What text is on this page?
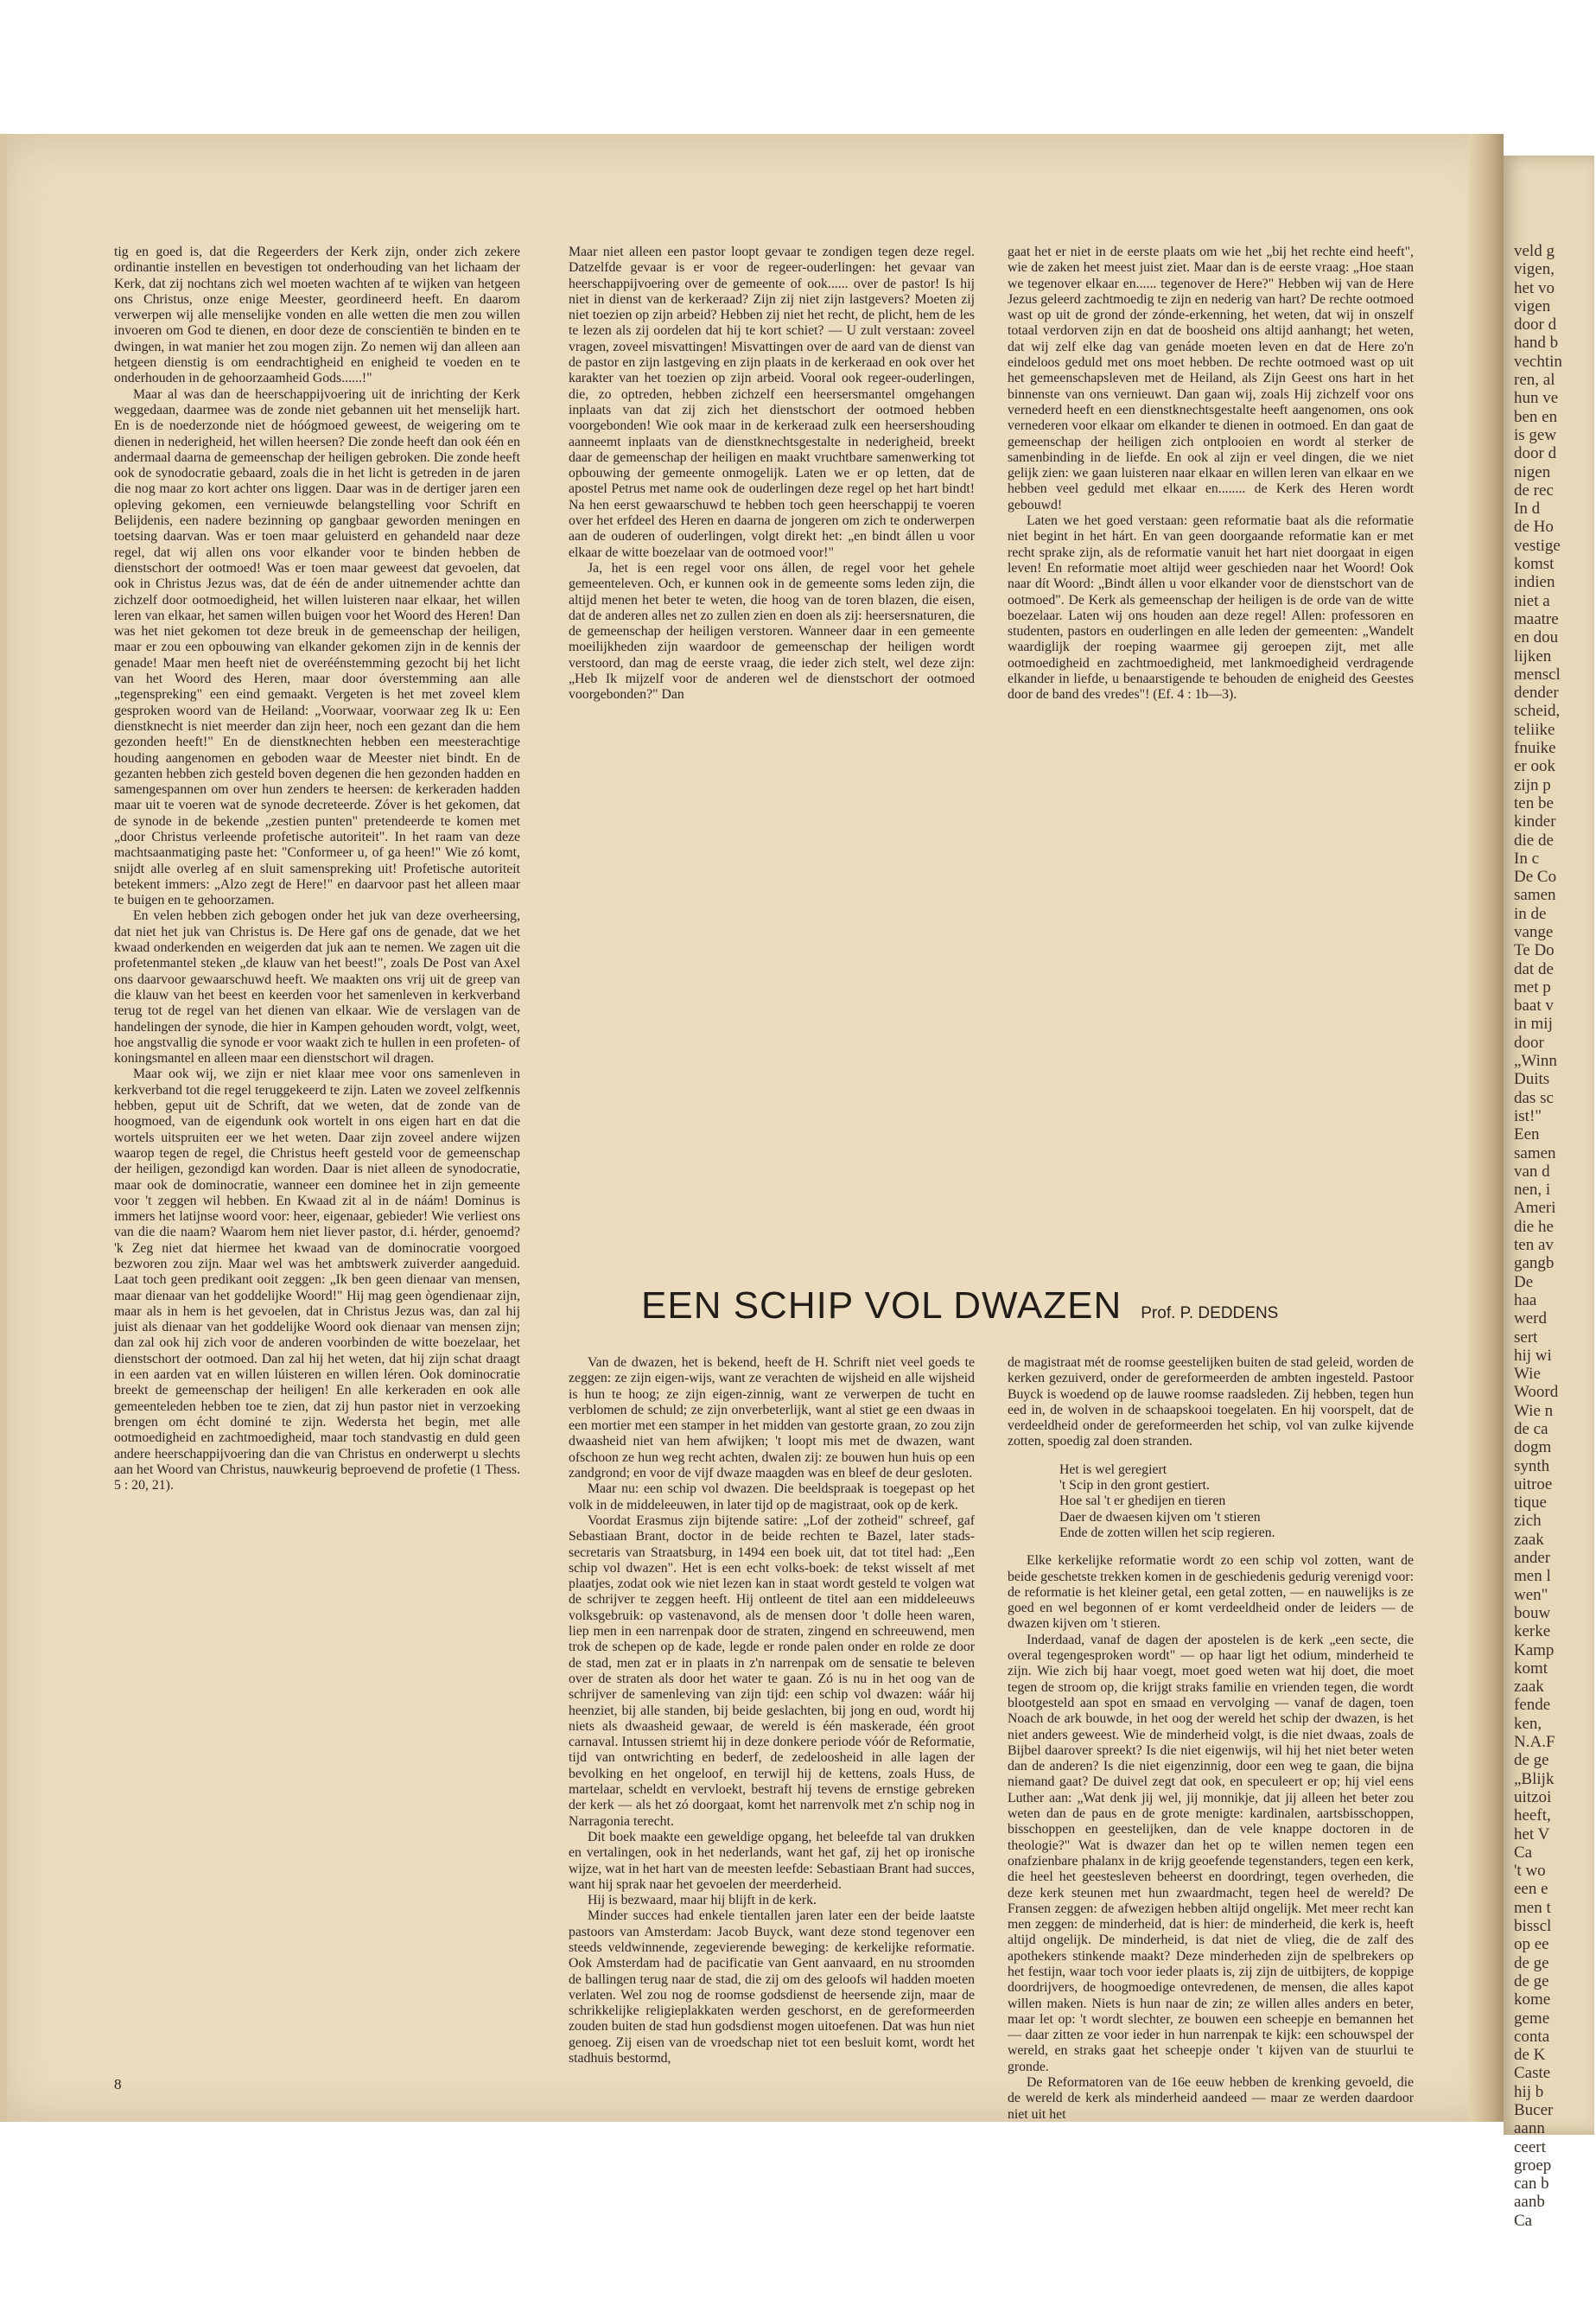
veld g
vigen,
het vo
vigen
door d
hand b
vechtin
ren, al
hun ve
ben en
is gew
door d
nigen
de rec
In d
de Ho
vestige
komst
indien
niet a
maatre
en dou
lijken
menscl
dender
scheid,
teliike
fnuike
er ook
zijn p
ten be
kinder
die de
In c
De Co
samen
in de
vange
Te Do
dat de
met p
baat v
in mij
door
„Winn
Duits
das sc
ist!"
Een
samen
van d
nen, i
Ameri
die he
ten av
gangb
De
haa
werd
sert
hij wi
Wie
Woord
Wie n
de ca
dogm
synth
uitroe
tique
zich
zaak
ander
men l
wen"
bouw
kerke
Kamp
komt
zaak
fende
ken,
N.A.F
de ge
„Blijk
uitzoi
heeft,
het V
Ca
't wo
een e
men t
bisscl
op ee
de ge
de ge
kome
geme
conta
de K
Caste
hij b
Bucer
aann
ceert
groep
can b
aanb
Ca

tig en goed is, dat die Regeerders der Kerk zijn, onder zich zekere ordinantie instellen en bevestigen tot onderhouding van het lichaam der Kerk, dat zij nochtans zich wel moeten wachten af te wijken van hetgeen ons Christus, onze enige Meester, geordineerd heeft. En daarom verwerpen wij alle menselijke vonden en alle wetten die men zou willen invoeren om God te dienen, en door deze de conscientiën te binden en te dwingen, in wat manier het zou mogen zijn. Zo nemen wij dan alleen aan hetgeen dienstig is om eendrachtigheid en enigheid te voeden en te onderhouden in de gehoorzaamheid Gods......!"

Maar al was dan de heerschappijvoering uit de inrichting der Kerk weggedaan, daarmee was de zonde niet gebannen uit het menselijk hart. En is de noederzonde niet de hóógmoed geweest, de weigering om te dienen in nederigheid, het willen heersen? Die zonde heeft dan ook één en andermaal daarna de gemeenschap der heiligen gebroken. Die zonde heeft ook de synodocratie gebaard, zoals die in het licht is getreden in de jaren die nog maar zo kort achter ons liggen. Daar was in de dertiger jaren een opleving gekomen, een vernieuwde belangstelling voor Schrift en Belijdenis, een nadere bezinning op gangbaar geworden meningen en toetsing daarvan. Was er toen maar geluisterd en gehandeld naar deze regel, dat wij allen ons voor elkander voor te binden hebben de dienstschort der ootmoed! Was er toen maar geweest dat gevoelen, dat ook in Christus Jezus was, dat de één de ander uitnemender achtte dan zichzelf door ootmoedigheid, het willen luisteren naar elkaar, het willen leren van elkaar, het samen willen buigen voor het Woord des Heren! Dan was het niet gekomen tot deze breuk in de gemeenschap der heiligen, maar er zou een opbouwing van elkander gekomen zijn in de kennis der genade! Maar men heeft niet de overéénstemming gezocht bij het licht van het Woord des Heren, maar door óverstemming aan alle „tegenspreking" een eind gemaakt. Vergeten is het met zoveel klem gesproken woord van de Heiland: „Voorwaar, voorwaar zeg Ik u: Een dienstknecht is niet meerder dan zijn heer, noch een gezant dan die hem gezonden heeft!" En de dienstknechten hebben een meesterachtige houding aangenomen en geboden waar de Meester niet bindt. En de gezanten hebben zich gesteld boven degenen die hen gezonden hadden en samengespannen om over hun zenders te heersen: de kerkeraden hadden maar uit te voeren wat de synode decreteerde. Zóver is het gekomen, dat de synode in de bekende „zestien punten" pretendeerde te komen met „door Christus verleende profetische autoriteit". In het raam van deze machtsaanmatiging paste het: "Conformeer u, of ga heen!" Wie zó komt, snijdt alle overleg af en sluit samenspreking uit! Profetische autoriteit betekent immers: „Alzo zegt de Here!" en daarvoor past het alleen maar te buigen en te gehoorzamen.

En velen hebben zich gebogen onder het juk van deze overheersing, dat niet het juk van Christus is. De Here gaf ons de genade, dat we het kwaad onderkenden en weigerden dat juk aan te nemen. We zagen uit die profetenmantel steken „de klauw van het beest!", zoals De Post van Axel ons daarvoor gewaarschuwd heeft. We maakten ons vrij uit de greep van die klauw van het beest en keerden voor het samenleven in kerkverband terug tot de regel van het dienen van elkaar. Wie de verslagen van de handelingen der synode, die hier in Kampen gehouden wordt, volgt, weet, hoe angstvallig die synode er voor waakt zich te hullen in een profeten- of koningsmantel en alleen maar een dienstschort wil dragen.

Maar ook wij, we zijn er niet klaar mee voor ons samenleven in kerkverband tot die regel teruggekeerd te zijn. Laten we zoveel zelfkennis hebben, geput uit de Schrift, dat we weten, dat de zonde van de hoogmoed, van de eigendunk ook wortelt in ons eigen hart en dat die wortels uitspruiten eer we het weten. Daar zijn zoveel andere wijzen waarop tegen de regel, die Christus heeft gesteld voor de gemeenschap der heiligen, gezondigd kan worden. Daar is niet alleen de synodocratie, maar ook de dominocratie, wanneer een dominee het in zijn gemeente voor 't zeggen wil hebben. En Kwaad zit al in de náám! Dominus is immers het latijnse woord voor: heer, eigenaar, gebieder! Wie verliest ons van die die naam? Waarom hem niet liever pastor, d.i. hérder, genoemd? 'k Zeg niet dat hiermee het kwaad van de dominocratie voorgoed bezworen zou zijn. Maar wel was het ambtswerk zuiverder aangeduid. Laat toch geen predikant ooit zeggen: „Ik ben geen dienaar van mensen, maar dienaar van het goddelijke Woord!" Hij mag geen ògendienaar zijn, maar als in hem is het gevoelen, dat in Christus Jezus was, dan zal hij juist als dienaar van het goddelijke Woord ook dienaar van mensen zijn; dan zal ook hij zich voor de anderen voorbinden de witte boezelaar, het dienstschort der ootmoed. Dan zal hij het weten, dat hij zijn schat draagt in een aarden vat en willen lúisteren en willen léren. Ook dominocratie breekt de gemeenschap der heiligen! En alle kerkeraden en ook alle gemeenteleden hebben toe te zien, dat zij hun pastor niet in verzoeking brengen om écht dominé te zijn. Wedersta het begin, met alle ootmoedigheid en zachtmoedigheid, maar toch standvastig en duld geen andere heerschappijvoering dan die van Christus en onderwerpt u slechts aan het Woord van Christus, nauwkeurig beproevend de profetie (1 Thess. 5 : 20, 21).

Maar niet alleen een pastor loopt gevaar te zondigen tegen deze regel. Datzelfde gevaar is er voor de regeer-ouderlingen: het gevaar van heerschappijvoering over de gemeente of ook...... over de pastor! Is hij niet in dienst van de kerkeraad? Zijn zij niet zijn lastgevers? Moeten zij niet toezien op zijn arbeid? Hebben zij niet het recht, de plicht, hem de les te lezen als zij oordelen dat hij te kort schiet? — U zult verstaan: zoveel vragen, zoveel misvattingen! Misvattingen over de aard van de dienst van de pastor en zijn lastgeving en zijn plaats in de kerkeraad en ook over het karakter van het toezien op zijn arbeid. Vooral ook regeer-ouderlingen, die, zo optreden, hebben zichzelf een heersersmantel omgehangen inplaats van dat zij zich het dienstschort der ootmoed hebben voorgebonden! Wie ook maar in de kerkeraad zulk een heersershouding aanneemt inplaats van de dienstknechtsgestalte in nederigheid, breekt daar de gemeenschap der heiligen en maakt vruchtbare samenwerking tot opbouwing der gemeente onmogelijk. Laten we er op letten, dat de apostel Petrus met name ook de ouderlingen deze regel op het hart bindt! Na hen eerst gewaarschuwd te hebben toch geen heerschappij te voeren over het erfdeel des Heren en daarna de jongeren om zich te onderwerpen aan de ouderen of ouderlingen, volgt direkt het: „en bindt állen u voor elkaar de witte boezelaar van de ootmoed voor!"

Ja, het is een regel voor ons állen, de regel voor het gehele gemeenteleven. Och, er kunnen ook in de gemeente soms leden zijn, die altijd menen het beter te weten, die hoog van de toren blazen, die eisen, dat de anderen alles net zo zullen zien en doen als zij: heersersnaturen, die de gemeenschap der heiligen verstoren. Wanneer daar in een gemeente moeilijkheden zijn waardoor de gemeenschap der heiligen wordt verstoord, dan mag de eerste vraag, die ieder zich stelt, wel deze zijn: „Heb Ik mijzelf voor de anderen wel de dienstschort der ootmoed voorgebonden?" Dan

gaat het er niet in de eerste plaats om wie het „bij het rechte eind heeft", wie de zaken het meest juist ziet. Maar dan is de eerste vraag: „Hoe staan we tegenover elkaar en...... tegenover de Here?" Hebben wij van de Here Jezus geleerd zachtmoedig te zijn en nederig van hart? De rechte ootmoed wast op uit de grond der zónde-erkenning, het weten, dat wij in onszelf totaal verdorven zijn en dat de boosheid ons altijd aanhangt; het weten, dat wij zelf elke dag van genáde moeten leven en dat de Here zo'n eindeloos geduld met ons moet hebben. De rechte ootmoed wast op uit het gemeenschapsleven met de Heiland, als Zijn Geest ons hart in het binnenste van ons vernieuwt. Dan gaan wij, zoals Hij zichzelf voor ons vernederd heeft en een dienstknechtsgestalte heeft aangenomen, ons ook vernederen voor elkaar om elkander te dienen in ootmoed. En dan gaat de gemeenschap der heiligen zich ontplooien en wordt al sterker de samenbinding in de liefde. En ook al zijn er veel dingen, die we niet gelijk zien: we gaan luisteren naar elkaar en willen leren van elkaar en we hebben veel geduld met elkaar en........ de Kerk des Heren wordt gebouwd!

Laten we het goed verstaan: geen reformatie baat als die reformatie niet begint in het hárt. En van geen doorgaande reformatie kan er met recht sprake zijn, als de reformatie vanuit het hart niet doorgaat in eigen leven! En reformatie moet altijd weer geschieden naar het Woord! Ook naar dít Woord: „Bindt állen u voor elkander voor de dienstschort van de ootmoed". De Kerk als gemeenschap der heiligen is de orde van de witte boezelaar. Laten wij ons houden aan deze regel! Allen: professoren en studenten, pastors en ouderlingen en alle leden der gemeenten: „Wandelt waardiglijk der roeping waarmee gij geroepen zijt, met alle ootmoedigheid en zachtmoedigheid, met lankmoedigheid verdragende elkander in liefde, u benaarstigende te behouden de enigheid des Geestes door de band des vredes"! (Ef. 4 : 1b—3).

EEN SCHIP VOL DWAZEN Prof. P. DEDDENS

Van de dwazen, het is bekend, heeft de H. Schrift niet veel goeds te zeggen: ze zijn eigen-wijs, want ze verachten de wijsheid en alle wijsheid is hun te hoog; ze zijn eigen-zinnig, want ze verwerpen de tucht en verblomen de schuld; ze zijn onverbeterlijk, want al stiet ge een dwaas in een mortier met een stamper in het midden van gestorte graan, zo zou zijn dwaasheid niet van hem afwijken; 't loopt mis met de dwazen, want ofschoon ze hun weg recht achten, dwalen zij: ze bouwen hun huis op een zandgrond; en voor de vijf dwaze maagden was en bleef de deur gesloten.

Maar nu: een schip vol dwazen. Die beeldspraak is toegepast op het volk in de middeleeuwen, in later tijd op de magistraat, ook op de kerk.

Voordat Erasmus zijn bijtende satire: „Lof der zotheid" schreef, gaf Sebastiaan Brant, doctor in de beide rechten te Bazel, later stads-secretaris van Straatsburg, in 1494 een boek uit, dat tot titel had: „Een schip vol dwazen". Het is een echt volks-boek: de tekst wisselt af met plaatjes, zodat ook wie niet lezen kan in staat wordt gesteld te volgen wat de schrijver te zeggen heeft. Hij ontleent de titel aan een middeleeuws volksgebruik: op vastenavond, als de mensen door 't dolle heen waren, liep men in een narrenpak door de straten, zingend en schreeuwend, men trok de schepen op de kade, legde er ronde palen onder en rolde ze door de stad, men zat er in plaats in z'n narrenpak om de sensatie te beleven over de straten als door het water te gaan. Zó is nu in het oog van de schrijver de samenleving van zijn tijd: een schip vol dwazen: wáár hij heenziet, bij alle standen, bij beide geslachten, bij jong en oud, wordt hij niets als dwaasheid gewaar, de wereld is één maskerade, één groot carnaval. Intussen striemt hij in deze donkere periode vóór de Reformatie, tijd van ontwrichting en bederf, de zedeloosheid in alle lagen der bevolking en het ongeloof, en terwijl hij de kettens, zoals Huss, de martelaar, scheldt en vervloekt, bestraft hij tevens de ernstige gebreken der kerk — als het zó doorgaat, komt het narrenvolk met z'n schip nog in Narragonia terecht.

Dit boek maakte een geweldige opgang, het beleefde tal van drukken en vertalingen, ook in het nederlands, want het gaf, zij het op ironische wijze, wat in het hart van de meesten leefde: Sebastiaan Brant had succes, want hij sprak naar het gevoelen der meerderheid.

Hij is bezwaard, maar hij blijft in de kerk.

Minder succes had enkele tientallen jaren later een der beide laatste pastoors van Amsterdam: Jacob Buyck, want deze stond tegenover een steeds veldwinnende, zegevierende beweging: de kerkelijke reformatie. Ook Amsterdam had de pacificatie van Gent aanvaard, en nu stroomden de ballingen terug naar de stad, die zij om des geloofs wil hadden moeten verlaten. Wel zou nog de roomse godsdienst de heersende zijn, maar de schrikkelijke religieplakkaten werden geschorst, en de gereformeerden zouden buiten de stad hun godsdienst mogen uitoefenen. Dat was hun niet genoeg. Zij eisen van de vroedschap niet tot een besluit komt, wordt het stadhuis bestormd,

de magistraat mét de roomse geestelijken buiten de stad geleid, worden de kerken gezuiverd, onder de gereformeerden de ambten ingesteld. Pastoor Buyck is woedend op de lauwe roomse raadsleden. Zij hebben, tegen hun eed in, de wolven in de schaapskooi toegelaten. En hij voorspelt, dat de verdeeldheid onder de gereformeerden het schip, vol van zulke kijvende zotten, spoedig zal doen stranden.

Het is wel geregiert
't Scip in den gront gestiert.
Hoe sal 't er ghedijen en tieren
Daer de dwaesen kijven om 't stieren
Ende de zotten willen het scip regieren.

Elke kerkelijke reformatie wordt zo een schip vol zotten, want de beide geschetste trekken komen in de geschiedenis gedurig verenigd voor: de reformatie is het kleiner getal, een getal zotten, — en nauwelijks is ze goed en wel begonnen of er komt verdeeldheid onder de leiders — de dwazen kijven om 't stieren.

Inderdaad, vanaf de dagen der apostelen is de kerk „een secte, die overal tegengesproken wordt" — op haar ligt het odium, minderheid te zijn. Wie zich bij haar voegt, moet goed weten wat hij doet, die moet tegen de stroom op, die krijgt straks familie en vrienden tegen, die wordt blootgesteld aan spot en smaad en vervolging — vanaf de dagen, toen Noach de ark bouwde, in het oog der wereld het schip der dwazen, is het niet anders geweest. Wie de minderheid volgt, is die niet dwaas, zoals de Bijbel daarover spreekt? Is die niet eigenwijs, wil hij het niet beter weten dan de anderen? Is die niet eigenzinnig, door een weg te gaan, die bijna niemand gaat? De duivel zegt dat ook, en speculeert er op; hij viel eens Luther aan: „Wat denk jij wel, jij monnikje, dat jij alleen het beter zou weten dan de paus en de grote menigte: kardinalen, aartsbisschoppen, bisschoppen en geestelijken, dan de vele knappe doctoren in de theologie?" Wat is dwazer dan het op te willen nemen tegen een onafzienbare phalanx in de krijg geoefende tegenstanders, tegen een kerk, die heel het geestesleven beheerst en doordringt, tegen overheden, die deze kerk steunen met hun zwaardmacht, tegen heel de wereld? De Fransen zeggen: de afwezigen hebben altijd ongelijk. Met meer recht kan men zeggen: de minderheid, dat is hier: de minderheid, die kerk is, heeft altijd ongelijk. De minderheid, is dat niet de vlieg, die de zalf des apothekers stinkende maakt? Deze minderheden zijn de spelbrekers op het festijn, waar toch voor ieder plaats is, zij zijn de uitbijters, de koppige doordrijvers, de hoogmoedige ontevredenen, de mensen, die alles kapot willen maken. Niets is hun naar de zin; ze willen alles anders en beter, maar let op: 't wordt slechter, ze bouwen een scheepje en bemannen het — daar zitten ze voor ieder in hun narrenpak te kijk: een schouwspel der wereld, en straks gaat het scheepje onder 't kijven van de stuurlui te gronde.

De Reformatoren van de 16e eeuw hebben de krenking gevoeld, die de wereld de kerk als minderheid aandeed — maar ze werden daardoor niet uit het

8
